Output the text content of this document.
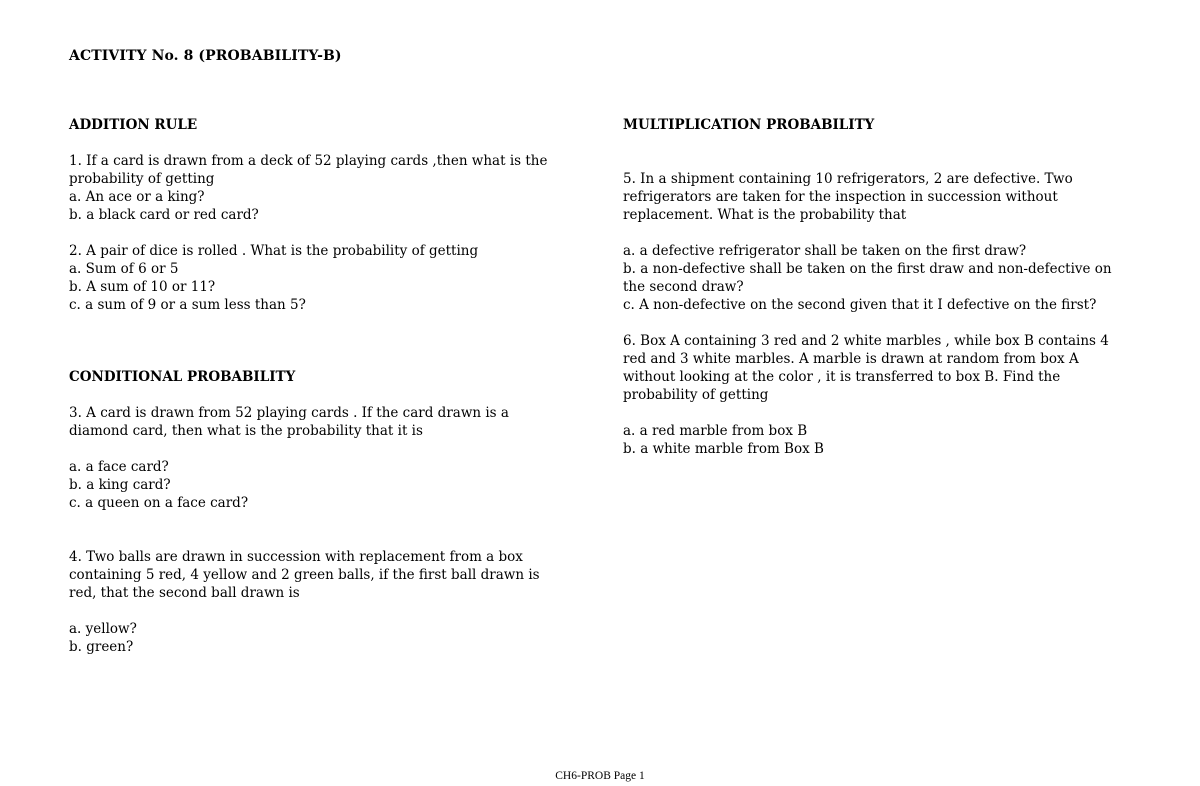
ACTIVITY No. 8 (PROBABILITY-B)

ADDITION RULE

1. If a card is drawn from a deck of 52 playing cards ,then what is the

probability of getting

a. An ace or a king?

b. a black card or red card?

2. A pair of dice is rolled . What is the probability of getting

a. Sum of 6 or 5

b. A sum of 10 or 11?

c. a sum of 9 or a sum less than 5?

CONDITIONAL PROBABILITY

3. A card is drawn from 52 playing cards . If the card drawn is a

diamond card, then what is the probability that it is

a. a face card?

b. a king card?

c. a queen on a face card?

4. Two balls are drawn in succession with replacement from a box

containing 5 red, 4 yellow and 2 green balls, if the first ball drawn is

red, that the second ball drawn is

a. yellow?

b. green?

MULTIPLICATION PROBABILITY

5. In a shipment containing 10 refrigerators, 2 are defective. Two

refrigerators are taken for the inspection in succession without

replacement. What is the probability that

a. a defective refrigerator shall be taken on the first draw?

b. a non-defective shall be taken on the first draw and non-defective on

the second draw?

c. A non-defective on the second given that it I defective on the first?

6. Box A containing 3 red and 2 white marbles , while box B contains 4

red and 3 white marbles. A marble is drawn at random from box A

without looking at the color , it is transferred to box B. Find the

probability of getting

a. a red marble from box B

b. a white marble from Box B

CH6-PROB Page 1
